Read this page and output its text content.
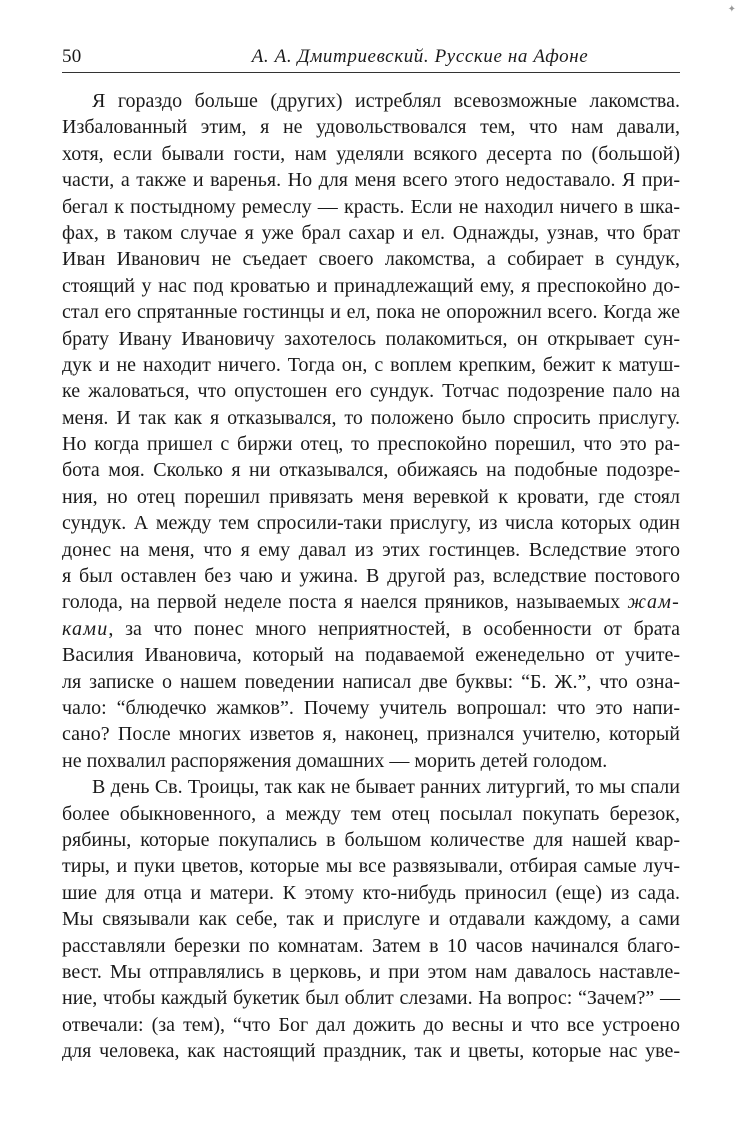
✦
50	А. А. Дмитриевский. Русские на Афоне
Я гораздо больше (других) истреблял всевозможные лакомства.
Избалованный этим, я не удовольствовался тем, что нам давали,
хотя, если бывали гости, нам уделяли всякого десерта по (большой)
части, а также и варенья. Но для меня всего этого недоставало. Я при-
бегал к постыдному ремеслу — красть. Если не находил ничего в шка-
фах, в таком случае я уже брал сахар и ел. Однажды, узнав, что брат
Иван Иванович не съедает своего лакомства, а собирает в сундук,
стоящий у нас под кроватью и принадлежащий ему, я преспокойно до-
стал его спрятанные гостинцы и ел, пока не опорожнил всего. Когда же
брату Ивану Ивановичу захотелось полакомиться, он открывает сун-
дук и не находит ничего. Тогда он, с воплем крепким, бежит к матуш-
ке жаловаться, что опустошен его сундук. Тотчас подозрение пало на
меня. И так как я отказывался, то положено было спросить прислугу.
Но когда пришел с биржи отец, то преспокойно порешил, что это ра-
бота моя. Сколько я ни отказывался, обижаясь на подобные подозре-
ния, но отец порешил привязать меня веревкой к кровати, где стоял
сундук. А между тем спросили-таки прислугу, из числа которых один
донес на меня, что я ему давал из этих гостинцев. Вследствие этого
я был оставлен без чаю и ужина. В другой раз, вследствие постового
голода, на первой неделе поста я наелся пряников, называемых жам-
ками, за что понес много неприятностей, в особенности от брата
Василия Ивановича, который на подаваемой еженедельно от учите-
ля записке о нашем поведении написал две буквы: “Б. Ж.”, что озна-
чало: “блюдечко жамков”. Почему учитель вопрошал: что это напи-
сано? После многих изветов я, наконец, признался учителю, который
не похвалил распоряжения домашних — морить детей голодом.
В день Св. Троицы, так как не бывает ранних литургий, то мы спали
более обыкновенного, а между тем отец посылал покупать березок,
рябины, которые покупались в большом количестве для нашей квар-
тиры, и пуки цветов, которые мы все развязывали, отбирая самые луч-
шие для отца и матери. К этому кто-нибудь приносил (еще) из сада.
Мы связывали как себе, так и прислуге и отдавали каждому, а сами
расставляли березки по комнатам. Затем в 10 часов начинался благо-
вест. Мы отправлялись в церковь, и при этом нам давалось наставле-
ние, чтобы каждый букетик был облит слезами. На вопрос: “Зачем?” —
отвечали: (за тем), “что Бог дал дожить до весны и что все устроено
для человека, как настоящий праздник, так и цветы, которые нас уве-
